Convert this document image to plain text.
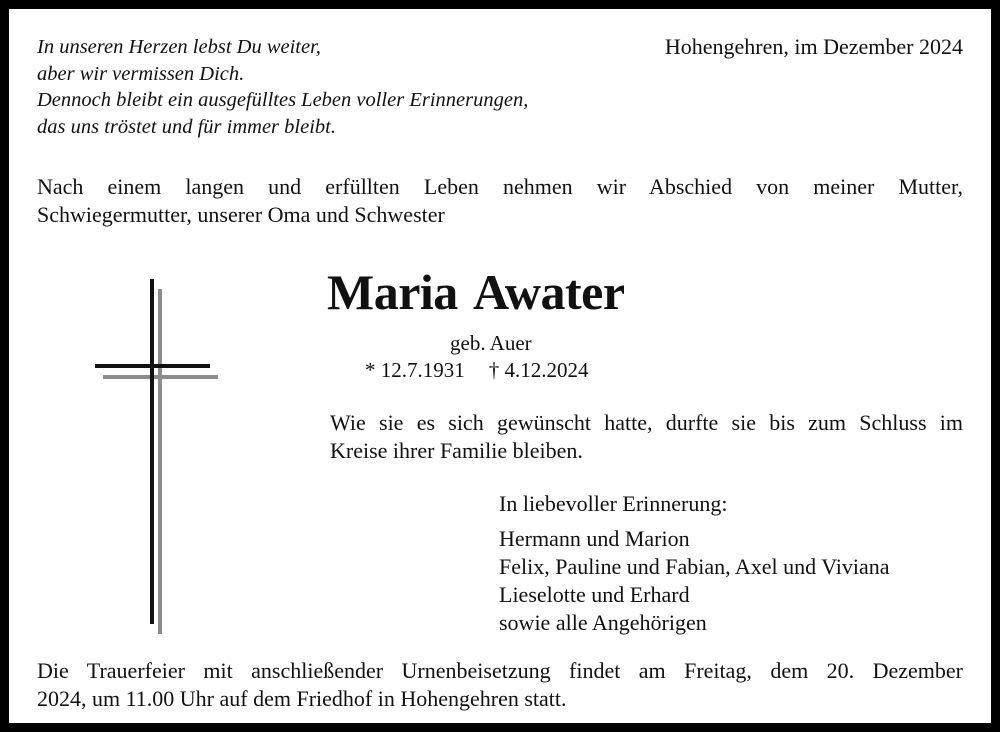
In unseren Herzen lebst Du weiter,
aber wir vermissen Dich.
Dennoch bleibt ein ausgefülltes Leben voller Erinnerungen,
das uns tröstet und für immer bleibt.
Hohengehren, im Dezember 2024
Nach einem langen und erfüllten Leben nehmen wir Abschied von meiner Mutter,
Schwiegermutter, unserer Oma und Schwester
Maria Awater
geb. Auer
* 12.7.1931 † 4.12.2024
Wie sie es sich gewünscht hatte, durfte sie bis zum Schluss im
Kreise ihrer Familie bleiben.
In liebevoller Erinnerung:
Hermann und Marion
Felix, Pauline und Fabian, Axel und Viviana
Lieselotte und Erhard
sowie alle Angehörigen
Die Trauerfeier mit anschließender Urnenbeisetzung findet am Freitag, dem 20. Dezember
2024, um 11.00 Uhr auf dem Friedhof in Hohengehren statt.
